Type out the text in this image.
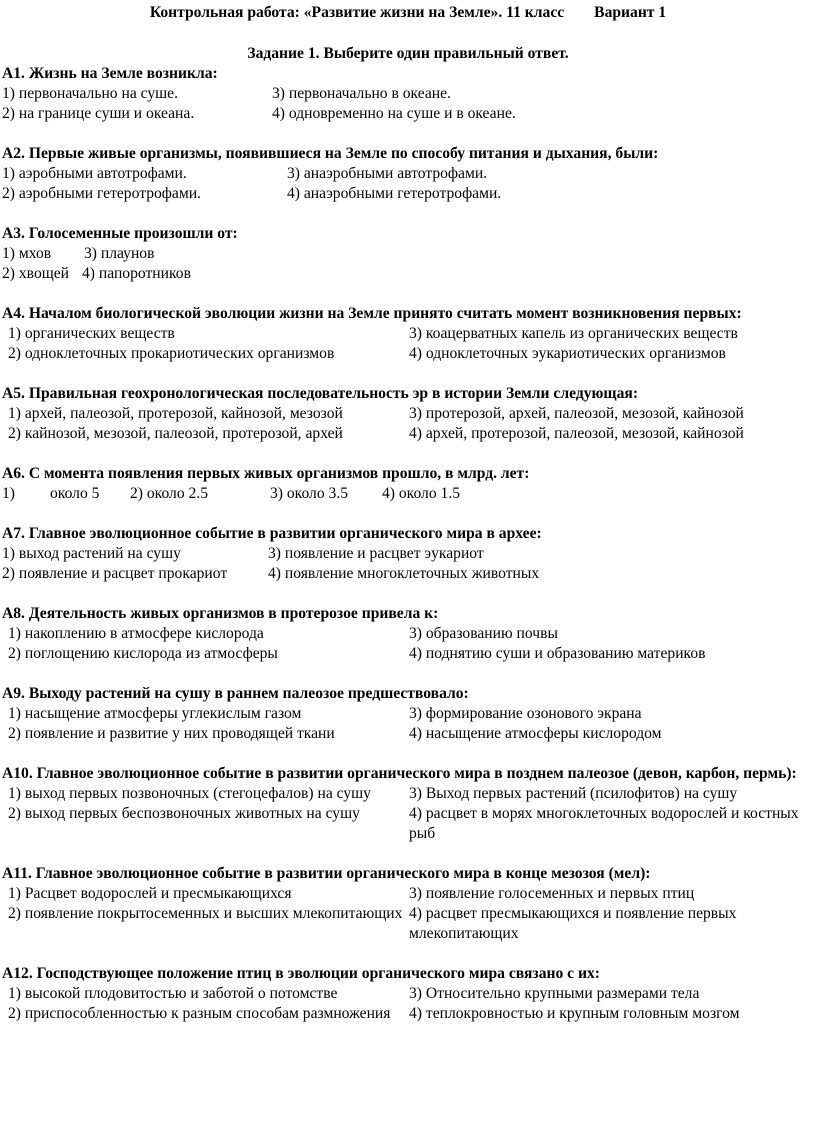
Контрольная работа: «Развитие жизни на Земле». 11 класс Вариант 1
Задание 1. Выберите один правильный ответ.
А1. Жизнь на Земле возникла:
1) первоначально на суше.	3) первоначально в океане.
2) на границе суши и океана.	4) одновременно на суше и в океане.
А2. Первые живые организмы, появившиеся на Земле по способу питания и дыхания, были:
1) аэробными автотрофами.	3) анаэробными автотрофами.
2) аэробными гетеротрофами.	4) анаэробными гетеротрофами.
А3. Голосеменные произошли от:
1) мхов 3) плаунов
2) хвощей 4) папоротников
А4. Началом биологической эволюции жизни на Земле принято считать момент возникновения первых:
1) органических веществ	3) коацерватных капель из органических веществ
2) одноклеточных прокариотических организмов	4) одноклеточных эукариотических организмов
А5. Правильная геохронологическая последовательность эр в истории Земли следующая:
1) архей, палеозой, протерозой, кайнозой, мезозой	3) протерозой, архей, палеозой, мезозой, кайнозой
2) кайнозой, мезозой, палеозой, протерозой, архей	4) архей, протерозой, палеозой, мезозой, кайнозой
А6. С момента появления первых живых организмов прошло, в млрд. лет:
1) около 5 2) около 2.5	3) около 3.5 4) около 1.5
А7. Главное эволюционное событие в развитии органического мира в архее:
1) выход растений на сушу	3) появление и расцвет эукариот
2) появление и расцвет прокариот	4) появление многоклеточных животных
А8. Деятельность живых организмов в протерозое привела к:
1) накоплению в атмосфере кислорода	3) образованию почвы
2) поглощению кислорода из атмосферы	4) поднятию суши и образованию материков
А9. Выходу растений на сушу в раннем палеозое предшествовало:
1) насыщение атмосферы углекислым газом	3) формирование озонового экрана
2) появление и развитие у них проводящей ткани	4) насыщение атмосферы кислородом
А10. Главное эволюционное событие в развитии органического мира в позднем палеозое (девон, карбон, пермь):
1) выход первых позвоночных (стегоцефалов) на сушу	3) Выход первых растений (псилофитов) на сушу
2) выход первых беспозвоночных животных на сушу	4) расцвет в морях многоклеточных водорослей и костных рыб
А11. Главное эволюционное событие в развитии органического мира в конце мезозоя (мел):
1) Расцвет водорослей и пресмыкающихся	3) появление голосеменных и первых птиц
2) появление покрытосеменных и высших млекопитающих 4) расцвет пресмыкающихся и появление первых млекопитающих
А12. Господствующее положение птиц в эволюции органического мира связано с их:
1) высокой плодовитостью и заботой о потомстве	3) Относительно крупными размерами тела
2) приспособленностью к разным способам размножения	4) теплокровностью и крупным головным мозгом
